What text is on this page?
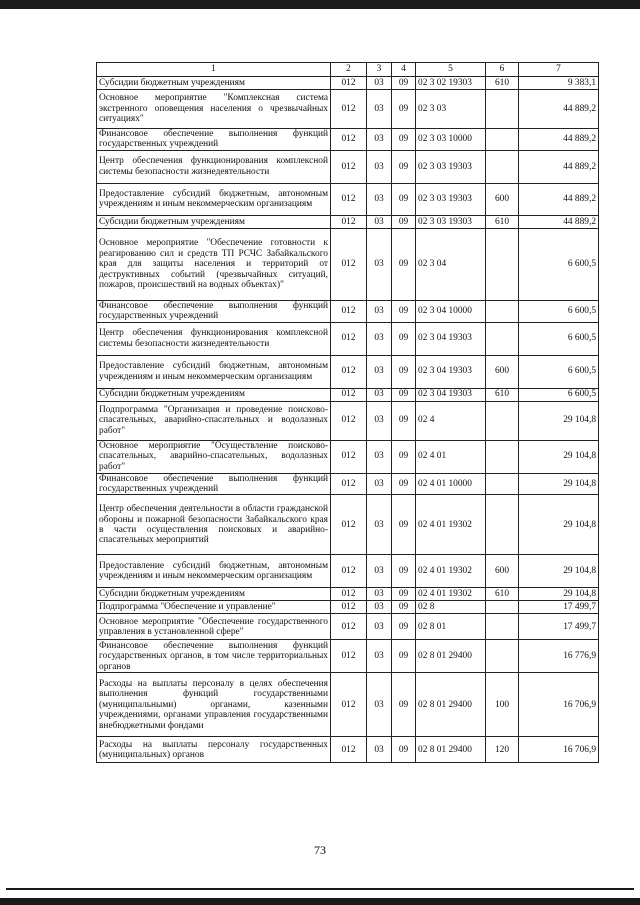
1	2	3	4	5	6	7
Субсидии бюджетным учреждениям	012	03	09	02 3 02 19303	610	9 383,1
Основное мероприятие "Комплексная система экстренного оповещения населения о чрезвычайных ситуациях"	012	03	09	02 3 03		44 889,2
Финансовое обеспечение выполнения функций государственных учреждений	012	03	09	02 3 03 10000		44 889,2
Центр обеспечения функционирования комплексной системы безопасности жизнедеятельности	012	03	09	02 3 03 19303		44 889,2
Предоставление субсидий бюджетным, автономным учреждениям и иным некоммерческим организациям	012	03	09	02 3 03 19303	600	44 889,2
Субсидии бюджетным учреждениям	012	03	09	02 3 03 19303	610	44 889,2
Основное мероприятие "Обеспечение готовности к реагированию сил и средств ТП РСЧС Забайкальского края для защиты населения и территорий от деструктивных событий (чрезвычайных ситуаций, пожаров, происшествий на водных объектах)"	012	03	09	02 3 04		6 600,5
Финансовое обеспечение выполнения функций государственных учреждений	012	03	09	02 3 04 10000		6 600,5
Центр обеспечения функционирования комплексной системы безопасности жизнедеятельности	012	03	09	02 3 04 19303		6 600,5
Предоставление субсидий бюджетным, автономным учреждениям и иным некоммерческим организациям	012	03	09	02 3 04 19303	600	6 600,5
Субсидии бюджетным учреждениям	012	03	09	02 3 04 19303	610	6 600,5
Подпрограмма "Организация и проведение поисково-спасательных, аварийно-спасательных и водолазных работ"	012	03	09	02 4		29 104,8
Основное мероприятие "Осуществление поисково-спасательных, аварийно-спасательных, водолазных работ"	012	03	09	02 4 01		29 104,8
Финансовое обеспечение выполнения функций государственных учреждений	012	03	09	02 4 01 10000		29 104,8
Центр обеспечения деятельности в области гражданской обороны и пожарной безопасности Забайкальского края в части осуществления поисковых и аварийно-спасательных мероприятий	012	03	09	02 4 01 19302		29 104,8
Предоставление субсидий бюджетным, автономным учреждениям и иным некоммерческим организациям	012	03	09	02 4 01 19302	600	29 104,8
Субсидии бюджетным учреждениям	012	03	09	02 4 01 19302	610	29 104,8
Подпрограмма "Обеспечение и управление"	012	03	09	02 8		17 499,7
Основное мероприятие "Обеспечение государственного управления в установленной сфере"	012	03	09	02 8 01		17 499,7
Финансовое обеспечение выполнения функций государственных органов, в том числе территориальных органов	012	03	09	02 8 01 29400		16 776,9
Расходы на выплаты персоналу в целях обеспечения выполнения функций государственными (муниципальными) органами, казенными учреждениями, органами управления государственными внебюджетными фондами	012	03	09	02 8 01 29400	100	16 706,9
Расходы на выплаты персоналу государственных (муниципальных) органов	012	03	09	02 8 01 29400	120	16 706,9
73
